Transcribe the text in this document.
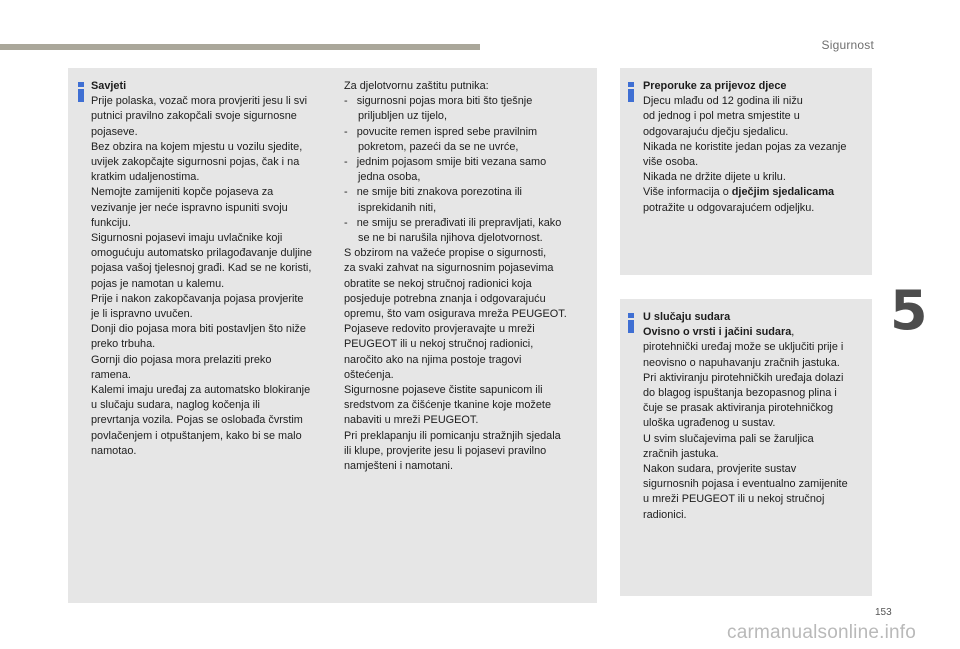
Sigurnost
5
Savjeti
Prije polaska, vozač mora provjeriti jesu li svi
putnici pravilno zakopčali svoje sigurnosne
pojaseve.
Bez obzira na kojem mjestu u vozilu sjedite,
uvijek zakopčajte sigurnosni pojas, čak i na
kratkim udaljenostima.
Nemojte zamijeniti kopče pojaseva za
vezivanje jer neće ispravno ispuniti svoju
funkciju.
Sigurnosni pojasevi imaju uvlačnike koji
omogućuju automatsko prilagođavanje duljine
pojasa vašoj tjelesnoj građi. Kad se ne koristi,
pojas je namotan u kalemu.
Prije i nakon zakopčavanja pojasa provjerite
je li ispravno uvučen.
Donji dio pojasa mora biti postavljen što niže
preko trbuha.
Gornji dio pojasa mora prelaziti preko
ramena.
Kalemi imaju uređaj za automatsko blokiranje
u slučaju sudara, naglog kočenja ili
prevrtanja vozila. Pojas se oslobađa čvrstim
povlačenjem i otpuštanjem, kako bi se malo
namotao.
Za djelotvornu zaštitu putnika:
-   sigurnosni pojas mora biti što tješnje
priljubljen uz tijelo,
-   povucite remen ispred sebe pravilnim
pokretom, pazeći da se ne uvrće,
-   jednim pojasom smije biti vezana samo
jedna osoba,
-   ne smije biti znakova porezotina ili
isprekidanih niti,
-   ne smiju se prerađivati ili prepravljati, kako
se ne bi narušila njihova djelotvornost.
S obzirom na važeće propise o sigurnosti,
za svaki zahvat na sigurnosnim pojasevima
obratite se nekoj stručnoj radionici koja
posjeduje potrebna znanja i odgovarajuću
opremu, što vam osigurava mreža PEUGEOT.
Pojaseve redovito provjeravajte u mreži
PEUGEOT ili u nekoj stručnoj radionici,
naročito ako na njima postoje tragovi
oštećenja.
Sigurnosne pojaseve čistite sapunicom ili
sredstvom za čišćenje tkanine koje možete
nabaviti u mreži PEUGEOT.
Pri preklapanju ili pomicanju stražnjih sjedala
ili klupe, provjerite jesu li pojasevi pravilno
namješteni i namotani.
Preporuke za prijevoz djece
Djecu mlađu od 12 godina ili nižu
od jednog i pol metra smjestite u
odgovarajuću dječju sjedalicu.
Nikada ne koristite jedan pojas za vezanje
više osoba.
Nikada ne držite dijete u krilu.
Više informacija o dječjim sjedalicama
potražite u odgovarajućem odjeljku.
U slučaju sudara
Ovisno o vrsti i jačini sudara,
pirotehnički uređaj može se uključiti prije i
neovisno o napuhavanju zračnih jastuka.
Pri aktiviranju pirotehničkih uređaja dolazi
do blagog ispuštanja bezopasnog plina i
čuje se prasak aktiviranja pirotehničkog
uloška ugrađenog u sustav.
U svim slučajevima pali se žaruljica
zračnih jastuka.
Nakon sudara, provjerite sustav
sigurnosnih pojasa i eventualno zamijenite
u mreži PEUGEOT ili u nekoj stručnoj
radionici.
153
carmanualsonline.info
